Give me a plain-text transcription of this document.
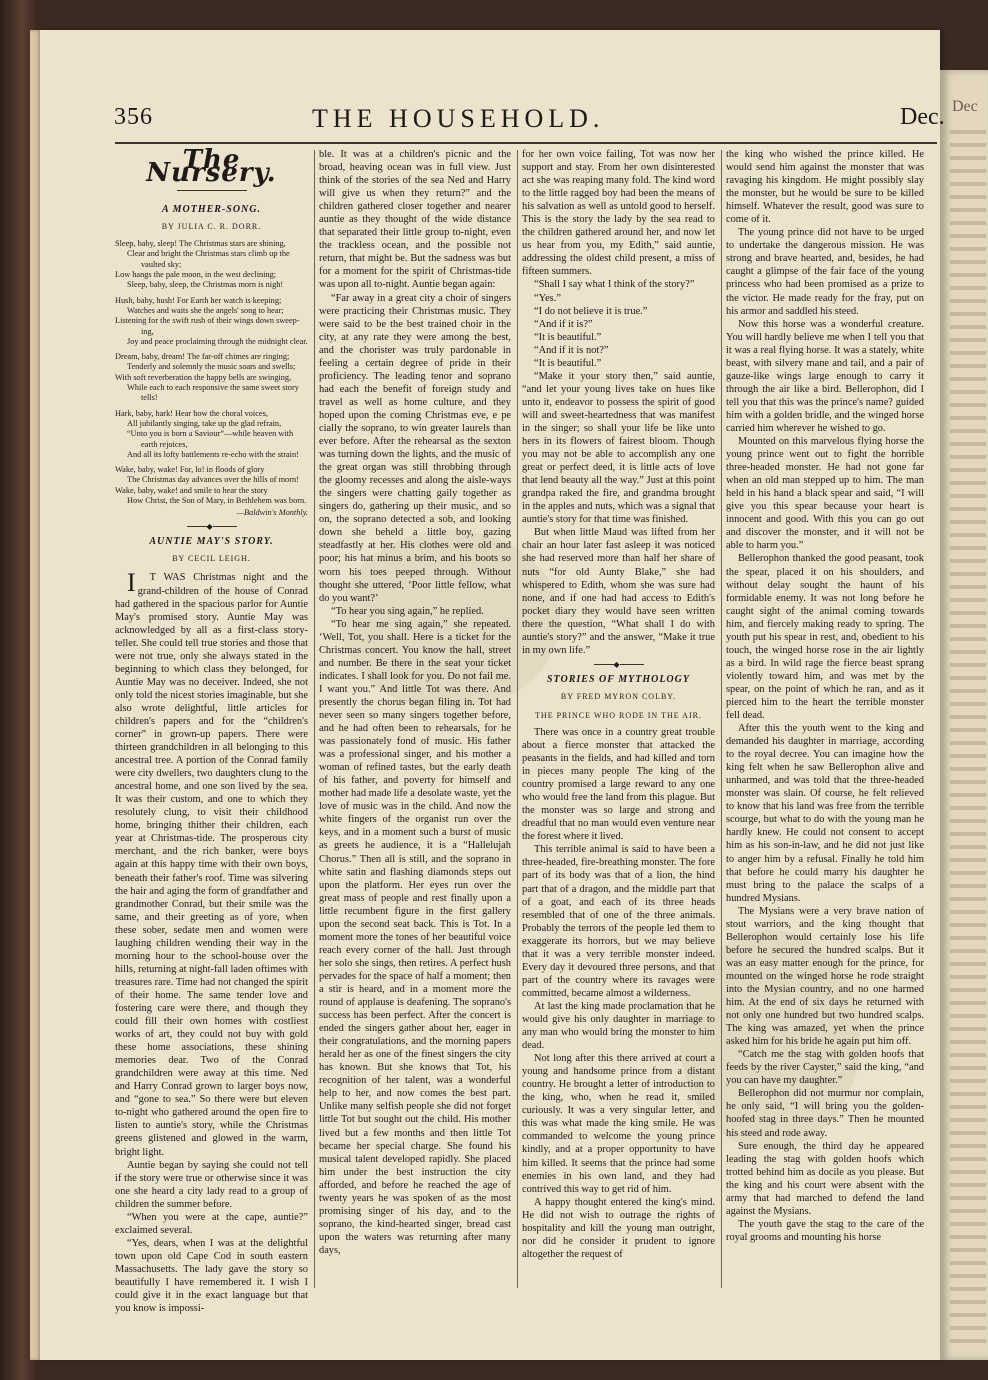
Dec
356	THE HOUSEHOLD.	Dec.
The Nursery.
A MOTHER-SONG.
BY JULIA C. R. DORR.
Sleep, baby, sleep! The Christmas stars are shining,
Clear and bright the Christmas stars climb up the
vaulted sky;
Low hangs the pale moon, in the west declining;
Sleep, baby, sleep, the Christmas morn is nigh!
Hush, baby, hush! For Earth her watch is keeping;
Watches and waits she the angels' song to hear;
Listening for the swift rush of their wings down sweep-
ing,
Joy and peace proclaiming through the midnight clear.
Dream, baby, dream! The far-off chimes are ringing;
Tenderly and solemnly the music soars and swells;
With soft reverberation the happy bells are swinging,
While each to each responsive the same sweet story
tells!
Hark, baby, hark! Hear how the choral voices,
All jubilantly singing, take up the glad refrain,
“Unto you is born a Saviour”—while heaven with
earth rejoices,
And all its lofty battlements re-echo with the strain!
Wake, baby, wake! For, lo! in floods of glory
The Christmas day advances over the hills of morn!
Wake, baby, wake! and smile to hear the story
How Christ, the Son of Mary, in Bethlehem was born.
—Baldwin's Monthly.
◆
AUNTIE MAY'S STORY.
BY CECIL LEIGH.

IT WAS Christmas night and the grand-children of the house of Conrad had gathered in the spacious parlor for Auntie May's promised story. Auntie May was acknowledged by all as a first-class story-teller. She could tell true stories and those that were not true, only she always stated in the beginning to which class they belonged, for Auntie May was no deceiver. Indeed, she not only told the nicest stories imaginable, but she also wrote delightful, little articles for children's papers and for the “children's corner” in grown-up papers. There were thirteen grandchildren in all belonging to this ancestral tree. A portion of the Conrad family were city dwellers, two daughters clung to the ancestral home, and one son lived by the sea. It was their custom, and one to which they resolutely clung, to visit their childhood home, bringing thither their children, each year at Christmas-tide. The prosperous city merchant, and the rich banker, were boys again at this happy time with their own boys, beneath their father's roof. Time was silvering the hair and aging the form of grandfather and grandmother Conrad, but their smile was the same, and their greeting as of yore, when these sober, sedate men and women were laughing children wending their way in the morning hour to the school-house over the hills, returning at night-fall laden oftimes with treasures rare. Time had not changed the spirit of their home. The same tender love and fostering care were there, and though they could fill their own homes with costliest works of art, they could not buy with gold these home associations, these shining memories dear. Two of the Conrad grandchildren were away at this time. Ned and Harry Conrad grown to larger boys now, and “gone to sea.” So there were but eleven to-night who gathered around the open fire to listen to auntie's story, while the Christmas greens glistened and glowed in the warm, bright light.

Auntie began by saying she could not tell if the story were true or otherwise since it was one she heard a city lady read to a group of children the summer before.

“When you were at the cape, auntie?” exclaimed several.

“Yes, dears, when I was at the delightful town upon old Cape Cod in south eastern Massachusetts. The lady gave the story so beautifully I have remembered it. I wish I could give it in the exact language but that you know is impossi-

ble. It was at a children's picnic and the broad, heaving ocean was in full view. Just think of the stories of the sea Ned and Harry will give us when they return?” and the children gathered closer together and nearer auntie as they thought of the wide distance that separated their little group to-night, even the trackless ocean, and the possible not return, that might be. But the sadness was but for a moment for the spirit of Christmas-tide was upon all to-night. Auntie began again:

“Far away in a great city a choir of singers were practicing their Christmas music. They were said to be the best trained choir in the city, at any rate they were among the best, and the chorister was truly pardonable in feeling a certain degree of pride in their proficiency. The leading tenor and soprano had each the benefit of foreign study and travel as well as home culture, and they hoped upon the coming Christmas eve, e pe cially the soprano, to win greater laurels than ever before. After the rehearsal as the sexton was turning down the lights, and the music of the great organ was still throbbing through the gloomy recesses and along the aisle-ways the singers were chatting gaily together as singers do, gathering up their music, and so on, the soprano detected a sob, and looking down she beheld a little boy, gazing steadfastly at her. His clothes were old and poor; his hat minus a brim, and his boots so worn his toes peeped through. Without thought she uttered, ‘Poor little fellow, what do you want?’

“To hear you sing again,” he replied.

“To hear me sing again,” she repeated. ‘Well, Tot, you shall. Here is a ticket for the Christmas concert. You know the hall, street and number. Be there in the seat your ticket indicates. I shall look for you. Do not fail me. I want you.” And little Tot was there. And presently the chorus began filing in. Tot had never seen so many singers together before, and he had often been to rehearsals, for he was passionately fond of music. His father was a professional singer, and his mother a woman of refined tastes, but the early death of his father, and poverty for himself and mother had made life a desolate waste, yet the love of music was in the child. And now the white fingers of the organist run over the keys, and in a moment such a burst of music as greets he audience, it is a “Hallelujah Chorus.” Then all is still, and the soprano in white satin and flashing diamonds steps out upon the platform. Her eyes run over the great mass of people and rest finally upon a little recumbent figure in the first gallery upon the second seat back. This is Tot. In a moment more the tones of her beautiful voice reach every corner of the hall. Just through her solo she sings, then retires. A perfect hush pervades for the space of half a moment; then a stir is heard, and in a moment more the round of applause is deafening. The soprano's success has been perfect. After the concert is ended the singers gather about her, eager in their congratulations, and the morning papers herald her as one of the finest singers the city has known. But she knows that Tot, his recognition of her talent, was a wonderful help to her, and now comes the best part. Unlike many selfish people she did not forget little Tot but sought out the child. His mother lived but a few months and then little Tot became her special charge. She found his musical talent developed rapidly. She placed him under the best instruction the city afforded, and before he reached the age of twenty years he was spoken of as the most promising singer of his day, and to the soprano, the kind-hearted singer, bread cast upon the waters was returning after many days,

for her own voice failing, Tot was now her support and stay. From her own disinterested act she was reaping many fold. The kind word to the little ragged boy had been the means of his salvation as well as untold good to herself. This is the story the lady by the sea read to the children gathered around her, and now let us hear from you, my Edith,” said auntie, addressing the oldest child present, a miss of fifteen summers.

“Shall I say what I think of the story?”

“Yes.”

“I do not believe it is true.”

“And if it is?”

“It is beautiful.”

“And if it is not?”

“It is beautiful.”

“Make it your story then,” said auntie, “and let your young lives take on hues like unto it, endeavor to possess the spirit of good will and sweet-heartedness that was manifest in the singer; so shall your life be like unto hers in its flowers of fairest bloom. Though you may not be able to accomplish any one great or perfect deed, it is little acts of love that lend beauty all the way.” Just at this point grandpa raked the fire, and grandma brought in the apples and nuts, which was a signal that auntie's story for that time was finished.

But when little Maud was lifted from her chair an hour later fast asleep it was noticed she had reserved more than half her share of nuts “for old Aunty Blake,” she had whispered to Edith, whom she was sure had none, and if one had had access to Edith's pocket diary they would have seen written there the question, “What shall I do with auntie's story?” and the answer, “Make it true in my own life.”

◆
STORIES OF MYTHOLOGY
BY FRED MYRON COLBY.
THE PRINCE WHO RODE IN THE AIR.

There was once in a country great trouble about a fierce monster that attacked the peasants in the fields, and had killed and torn in pieces many people The king of the country promised a large reward to any one who would free the land from this plague. But the monster was so large and strong and dreadful that no man would even venture near the forest where it lived.

This terrible animal is said to have been a three-headed, fire-breathing monster. The fore part of its body was that of a lion, the hind part that of a dragon, and the middle part that of a goat, and each of its three heads resembled that of one of the three animals. Probably the terrors of the people led them to exaggerate its horrors, but we may believe that it was a very terrible monster indeed. Every day it devoured three persons, and that part of the country where its ravages were committed, became almost a wilderness.

At last the king made proclamation that he would give his only daughter in marriage to any man who would bring the monster to him dead.

Not long after this there arrived at court a young and handsome prince from a distant country. He brought a letter of introduction to the king, who, when he read it, smiled curiously. It was a very singular letter, and this was what made the king smile. He was commanded to welcome the young prince kindly, and at a proper opportunity to have him killed. It seems that the prince had some enemies in his own land, and they had contrived this way to get rid of him.

A happy thought entered the king's mind. He did not wish to outrage the rights of hospitality and kill the young man outright, nor did he consider it prudent to ignore altogether the request of

the king who wished the prince killed. He would send him against the monster that was ravaging his kingdom. He might possibly slay the monster, but he would be sure to be killed himself. Whatever the result, good was sure to come of it.

The young prince did not have to be urged to undertake the dangerous mission. He was strong and brave hearted, and, besides, he had caught a glimpse of the fair face of the young princess who had been promised as a prize to the victor. He made ready for the fray, put on his armor and saddled his steed.

Now this horse was a wonderful creature. You will hardly believe me when I tell you that it was a real flying horse. It was a stately, white beast, with silvery mane and tail, and a pair of gauze-like wings large enough to carry it through the air like a bird. Bellerophon, did I tell you that this was the prince's name? guided him with a golden bridle, and the winged horse carried him wherever he wished to go.

Mounted on this marvelous flying horse the young prince went out to fight the horrible three-headed monster. He had not gone far when an old man stepped up to him. The man held in his hand a black spear and said, “I will give you this spear because your heart is innocent and good. With this you can go out and discover the monster, and it will not be able to harm you.”

Bellerophon thanked the good peasant, took the spear, placed it on his shoulders, and without delay sought the haunt of his formidable enemy. It was not long before he caught sight of the animal coming towards him, and fiercely making ready to spring. The youth put his spear in rest, and, obedient to his touch, the winged horse rose in the air lightly as a bird. In wild rage the fierce beast sprang violently toward him, and was met by the spear, on the point of which he ran, and as it pierced him to the heart the terrible monster fell dead.

After this the youth went to the king and demanded his daughter in marriage, according to the royal decree. You can imagine how the king felt when he saw Bellerophon alive and unharmed, and was told that the three-headed monster was slain. Of course, he felt relieved to know that his land was free from the terrible scourge, but what to do with the young man he hardly knew. He could not consent to accept him as his son-in-law, and he did not just like to anger him by a refusal. Finally he told him that before he could marry his daughter he must bring to the palace the scalps of a hundred Mysians.

The Mysians were a very brave nation of stout warriors, and the king thought that Bellerophon would certainly lose his life before he secured the hundred scalps. But it was an easy matter enough for the prince, for mounted on the winged horse he rode straight into the Mysian country, and no one harmed him. At the end of six days he returned with not only one hundred but two hundred scalps. The king was amazed, yet when the prince asked him for his bride he again put him off.

“Catch me the stag with golden hoofs that feeds by the river Cayster,” said the king, “and you can have my daughter.”

Bellerophon did not murmur nor complain, he only said, “I will bring you the golden-hoofed stag in three days.” Then he mounted his steed and rode away.

Sure enough, the third day he appeared leading the stag with golden hoofs which trotted behind him as docile as you please. But the king and his court were absent with the army that had marched to defend the land against the Mysians.

The youth gave the stag to the care of the royal grooms and mounting his horse
